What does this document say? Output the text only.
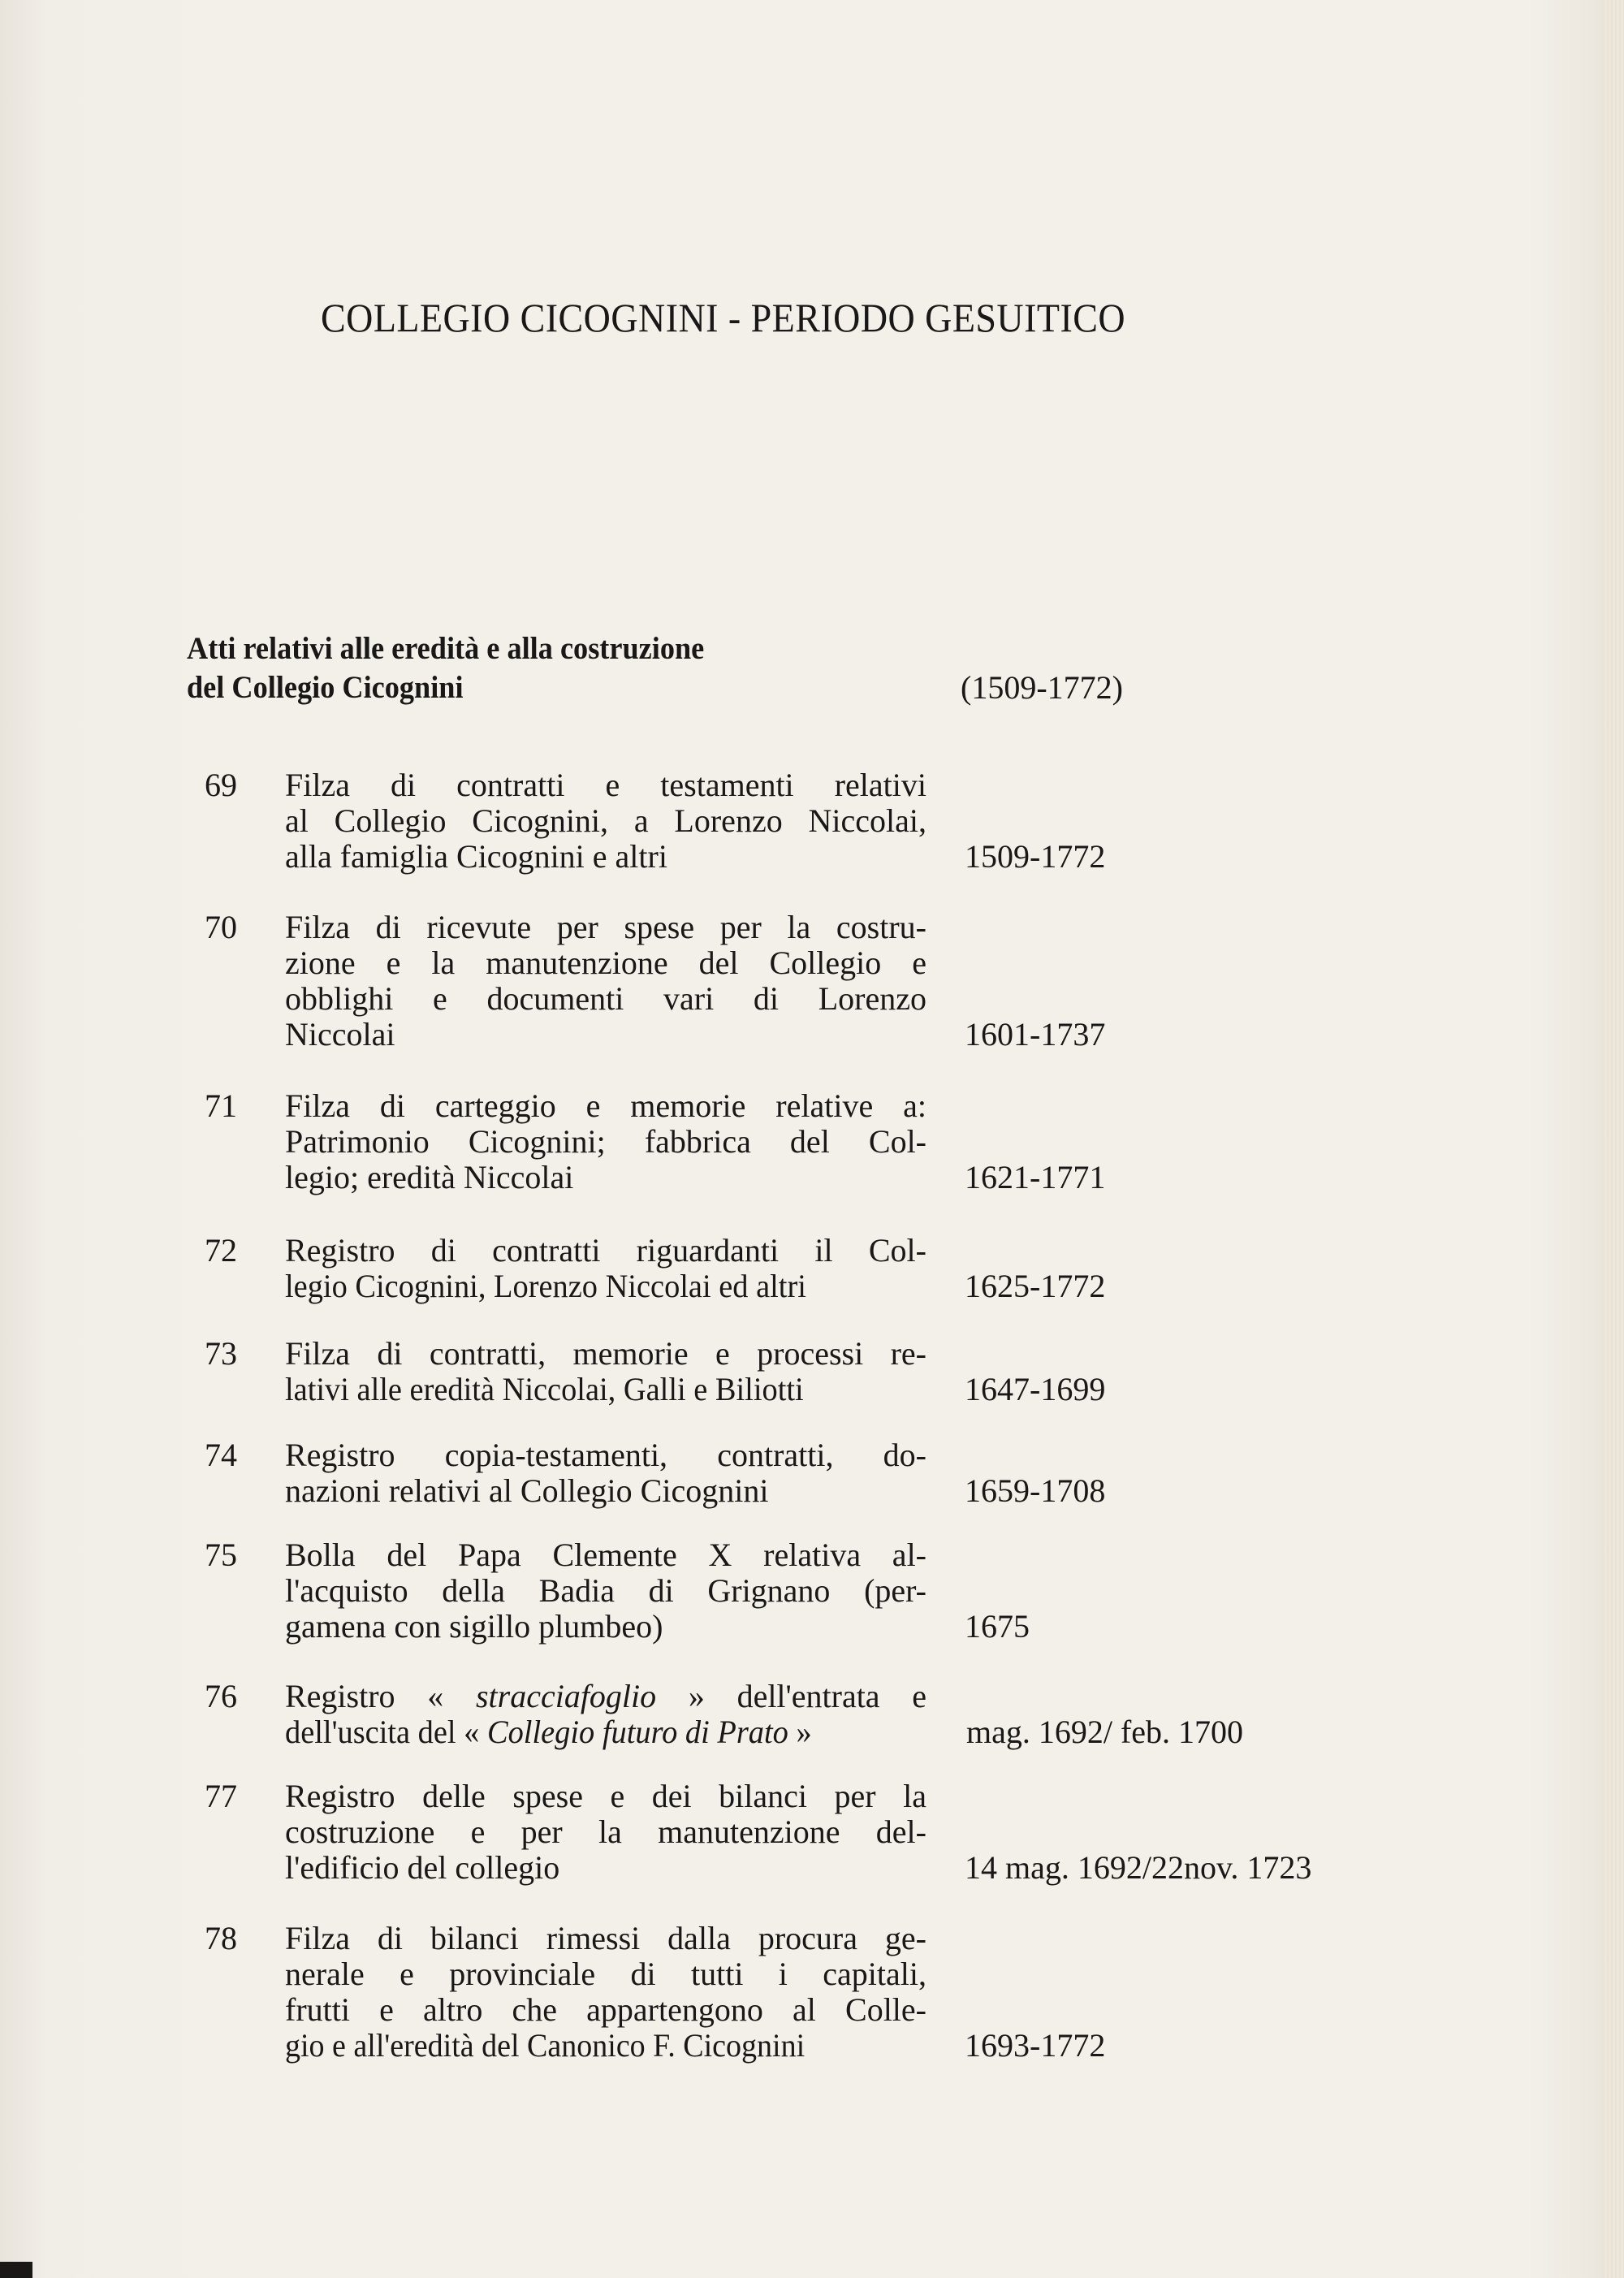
COLLEGIO CICOGNINI - PERIODO GESUITICO
Atti relativi alle eredità e alla costruzione
del Collegio Cicognini	(1509-1772)
69 Filza di contratti e testamenti relativi
al Collegio Cicognini, a Lorenzo Niccolai,
alla famiglia Cicognini e altri	1509-1772
70 Filza di ricevute per spese per la costru-
zione e la manutenzione del Collegio e
obblighi e documenti vari di Lorenzo
Niccolai	1601-1737
71 Filza di carteggio e memorie relative a:
Patrimonio Cicognini; fabbrica del Col-
legio; eredità Niccolai	1621-1771
72 Registro di contratti riguardanti il Col-
legio Cicognini, Lorenzo Niccolai ed altri	1625-1772
73 Filza di contratti, memorie e processi re-
lativi alle eredità Niccolai, Galli e Biliotti	1647-1699
74 Registro copia-testamenti, contratti, do-
nazioni relativi al Collegio Cicognini	1659-1708
75 Bolla del Papa Clemente X relativa al-
l'acquisto della Badia di Grignano (per-
gamena con sigillo plumbeo)	1675
76 Registro « stracciafoglio » dell'entrata e
dell'uscita del « Collegio futuro di Prato »	mag. 1692/ feb. 1700
77 Registro delle spese e dei bilanci per la
costruzione e per la manutenzione del-
l'edificio del collegio	14 mag. 1692/22nov. 1723
78 Filza di bilanci rimessi dalla procura ge-
nerale e provinciale di tutti i capitali,
frutti e altro che appartengono al Colle-
gio e all'eredità del Canonico F. Cicognini	1693-1772
